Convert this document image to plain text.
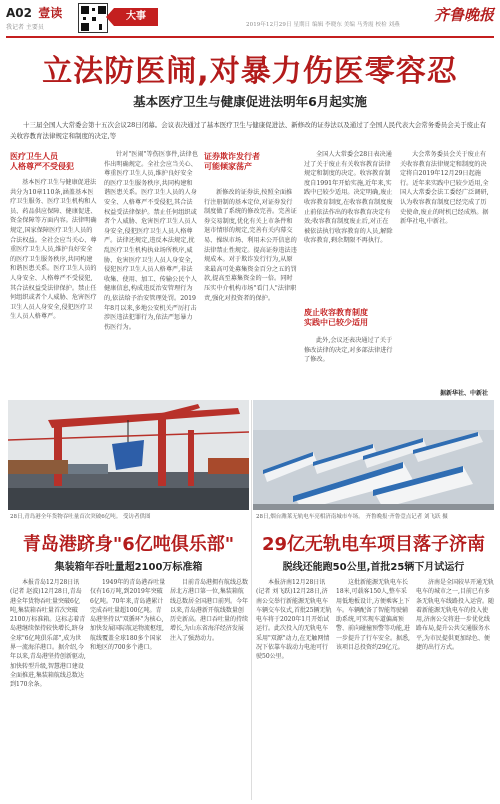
A02 壹读
我记者 主要员
大事
2019年12月29日 星期日 编辑 李晓东 美编 马秀霞 校检 刘燕
齐鲁晚报
立法防医闹,对暴力伤医零容忍
基本医疗卫生与健康促进法明年6月起实施
十三届全国人大常委会第十五次会议28日闭幕。会议表决通过了基本医疗卫生与健康促进法、新修改的证券法以及通过了全国人民代表大会常务委员会关于废止有关收容教育法律规定和制度的决定,等
医疗卫生人员
人格尊严不受侵犯
基本医疗卫生与健康促进法共分为10章110条,涵盖基本医疗卫生服务、医疗卫生机构和人员、药品供应保障、健康促进、资金保障等方面内容。法律明确规定,国家保障医疗卫生人员的合法权益。全社会应当关心、尊重医疗卫生人员,维护良好安全的医疗卫生服务秩序,共同构建和谐医患关系。医疗卫生人员的人身安全、人格尊严不受侵犯,其合法权益受法律保护。禁止任何组织或者个人威胁、危害医疗卫生人员人身安全,侵犯医疗卫生人员人格尊严。
针对"医闹"等伤医事件,法律也作出明确规定。全社会应当关心、尊重医疗卫生人员,维护良好安全的医疗卫生服务秩序,共同构建和谐医患关系。医疗卫生人员的人身安全、人格尊严不受侵犯,其合法权益受法律保护。禁止任何组织或者个人威胁、危害医疗卫生人员人身安全,侵犯医疗卫生人员人格尊严。法律还规定,违反本法规定,扰乱医疗卫生机构执业场所秩序,威胁、危害医疗卫生人员人身安全,侵犯医疗卫生人员人格尊严,非法收集、使用、加工、传输公民个人健康信息,构成违反治安管理行为的,依法给予治安管理处罚。2019年8月以来,多地公安机关严厉打击涉医违法犯罪行为,依法严惩暴力伤医行为。
证券欺诈发行者
可能倾家荡产
新修改的证券法,按照全面推行注册制的基本定位,对证券发行制度做了系统的修改完善。完善证券交易制度,优化有关上市条件和退市情形的规定,完善有关内幕交易、操纵市场、利用未公开信息的法律禁止性规定。提高证券违法违规成本。对于欺诈发行行为,从原来最高可处募集资金百分之五的罚款,提高至募集资金的一倍。同时压实中介机构市场"看门人"法律职责,强化对投资者的保护。
全国人大常委会28日表决通过了关于废止有关收容教育法律规定和制度的决定。收容教育制度自1991年开始实施,近年来,实践中已较少适用。决定明确,废止收容教育制度,在收容教育制度废止前依法作出的收容教育决定有效;收容教育制度废止后,对正在被依法执行收容教育的人员,解除收容教育,剩余期限不再执行。
废止收容教育制度
实践中已较少适用
此外,会议还表决通过了关于修改法律的决定,对多部法律进行了修改。
大会常务委员会关于废止有关收容教育法律规定和制度的决定将自2019年12月29日起施行。近年来实践中已较少适用,全国人大常委会法工委经广泛调研,认为收容教育制度已经完成了历史使命,废止的时机已经成熟。据新华社电,中新社。
据新华社、中新社
28日,青岛港全年货物吞吐量首次突破6亿吨。 受访者供图	28日,烟台潍莱无轨电车亮相济南城市车场。 齐鲁晚报·齐鲁壹点记者 刘飞跃 摄
青岛港跻身"6亿吨俱乐部"
集装箱年吞吐量超2100万标准箱
本报青岛12月28日讯(记者 赵波)12月28日,青岛港全年货物吞吐量突破6亿吨,集装箱吞吐量首次突破2100万标准箱。这标志着青岛港继续保持较快增长,跻身全球"6亿吨俱乐部",成为世界一流海洋港口。据介绍,今年以来,青岛港坚持创新驱动,加快转型升级,智慧港口建设全面推进,集装箱航线总数达到170余条。
1949年的青岛港吞吐量仅有16万吨,到2019年突破6亿吨。70年来,青岛港累计完成吞吐量超100亿吨。青岛港坚持以"双循环"为核心,加快发展国际航运物流枢纽,航线覆盖全球180多个国家和地区的700多个港口。
目前青岛港拥有航线总数居北方港口第一位,集装箱航线总数居全国港口前列。今年以来,青岛港新开航线数量创历史新高。港口吞吐量的持续增长,为山东省海洋经济发展注入了强劲动力。
29亿无轨电车项目落子济南
脱线还能跑50公里,首批25辆下月试运行
本报济南12月28日讯(记者 刘飞跃)12月28日,济南公交举行新能源无轨电车车辆交车仪式,首批25辆无轨电车将于2020年1月开始试运行。此次投入的无轨电车采用"双源"动力,在无触网情况下依靠车载动力电池可行驶50公里。
这批新能源无轨电车长18米,可载客150人,整车采用低地板设计,方便乘客上下车。车辆配备了智能驾驶辅助系统,可实现车道偏离预警、前向碰撞预警等功能,进一步提升了行车安全。据悉,该项目总投资约29亿元。
济南是全国较早开通无轨电车的城市之一,目前已有多条无轨电车线路投入运营。随着新能源无轨电车的投入使用,济南公交将进一步优化线路布局,提升公共交通服务水平,为市民提供更加绿色、便捷的出行方式。
